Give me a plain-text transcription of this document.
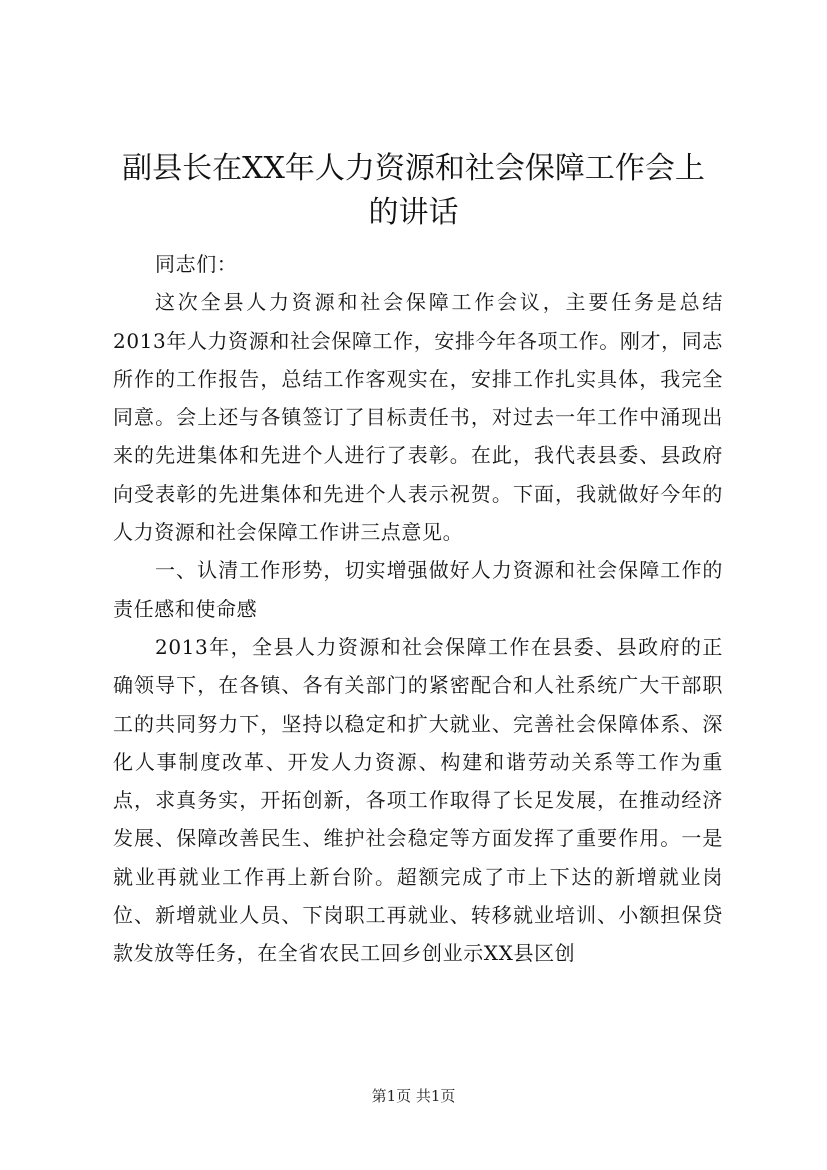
副县长在XX年人力资源和社会保障工作会上
的讲话

同志们：

这次全县人力资源和社会保障工作会议，主要任务是总结2013年人力资源和社会保障工作，安排今年各项工作。刚才，同志所作的工作报告，总结工作客观实在，安排工作扎实具体，我完全同意。会上还与各镇签订了目标责任书，对过去一年工作中涌现出来的先进集体和先进个人进行了表彰。在此，我代表县委、县政府向受表彰的先进集体和先进个人表示祝贺。下面，我就做好今年的人力资源和社会保障工作讲三点意见。

一、认清工作形势，切实增强做好人力资源和社会保障工作的责任感和使命感

2013年，全县人力资源和社会保障工作在县委、县政府的正确领导下，在各镇、各有关部门的紧密配合和人社系统广大干部职工的共同努力下，坚持以稳定和扩大就业、完善社会保障体系、深化人事制度改革、开发人力资源、构建和谐劳动关系等工作为重点，求真务实，开拓创新，各项工作取得了长足发展，在推动经济发展、保障改善民生、维护社会稳定等方面发挥了重要作用。一是就业再就业工作再上新台阶。超额完成了市上下达的新增就业岗位、新增就业人员、下岗职工再就业、转移就业培训、小额担保贷款发放等任务，在全省农民工回乡创业示XX县区创

第1页 共1页
